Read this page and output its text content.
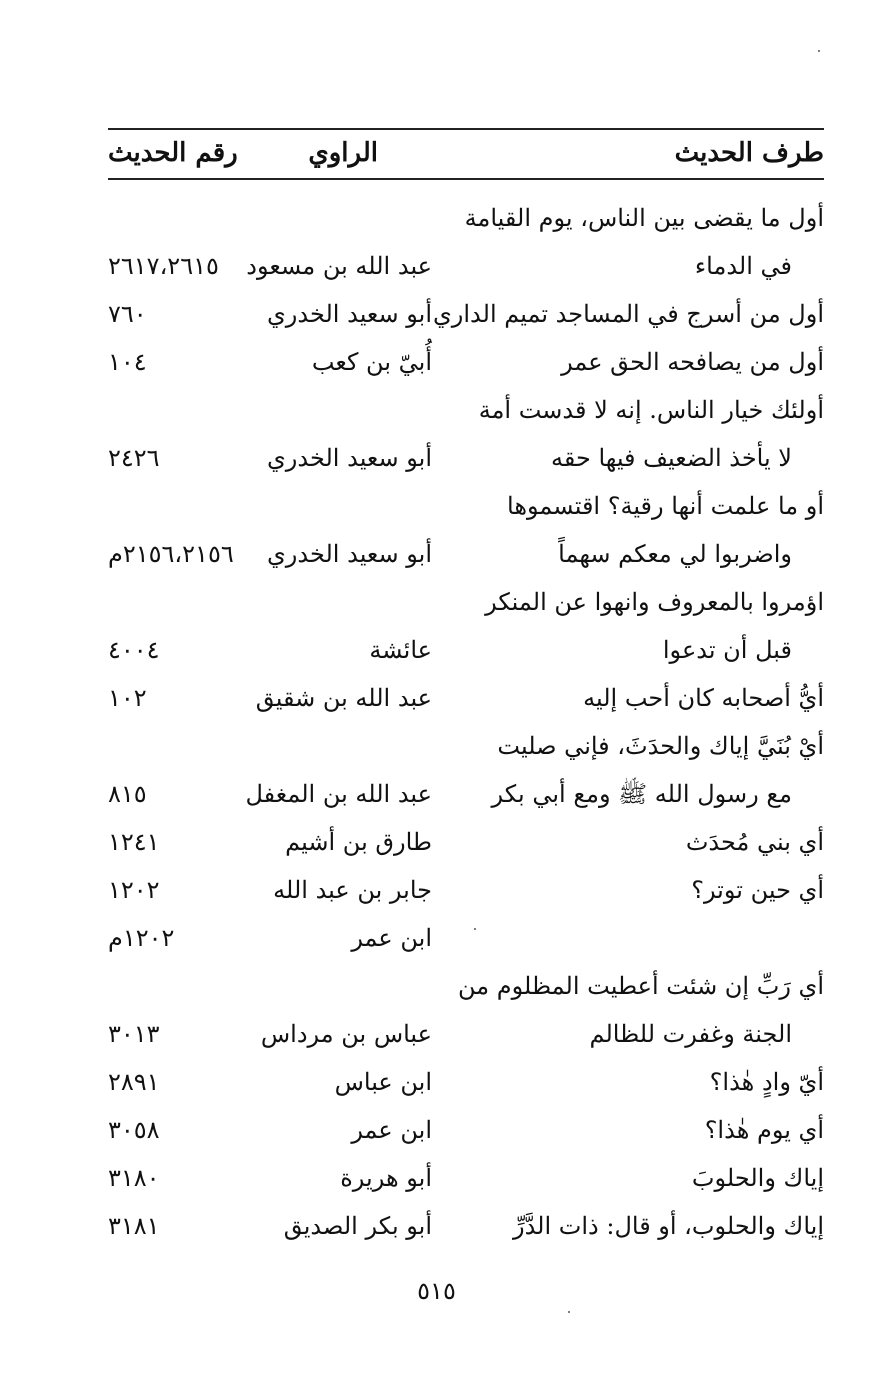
طرف الحديث
الراوي
رقم الحديث
أول ما يقضى بين الناس، يوم القيامة
في الدماء
عبد الله بن مسعود
٢٦١٧،٢٦١٥
أول من أسرج في المساجد تميم الداري
أبو سعيد الخدري
٧٦٠
أول من يصافحه الحق عمر
أُبيّ بن كعب
١٠٤
أولئك خيار الناس. إنه لا قدست أمة
لا يأخذ الضعيف فيها حقه
أبو سعيد الخدري
٢٤٢٦
أو ما علمت أنها رقية؟ اقتسموها
واضربوا لي معكم سهماً
أبو سعيد الخدري
٢١٥٦،٢١٥٦م
اؤمروا بالمعروف وانهوا عن المنكر
قبل أن تدعوا
عائشة
٤٠٠٤
أيُّ أصحابه كان أحب إليه
عبد الله بن شقيق
١٠٢
أيْ بُنَيَّ إياك والحدَثَ، فإني صليت
مع رسول الله ﷺ ومع أبي بكر
عبد الله بن المغفل
٨١٥
أي بني مُحدَث
طارق بن أشيم
١٢٤١
أي حين توتر؟
جابر بن عبد الله
١٢٠٢
ابن عمر
١٢٠٢م
أي رَبِّ إن شئت أعطيت المظلوم من
الجنة وغفرت للظالم
عباس بن مرداس
٣٠١٣
أيّ وادٍ هٰذا؟
ابن عباس
٢٨٩١
أي يوم هٰذا؟
ابن عمر
٣٠٥٨
إياك والحلوبَ
أبو هريرة
٣١٨٠
إياك والحلوب، أو قال: ذات الدَّرِّ
أبو بكر الصديق
٣١٨١
٥١٥
